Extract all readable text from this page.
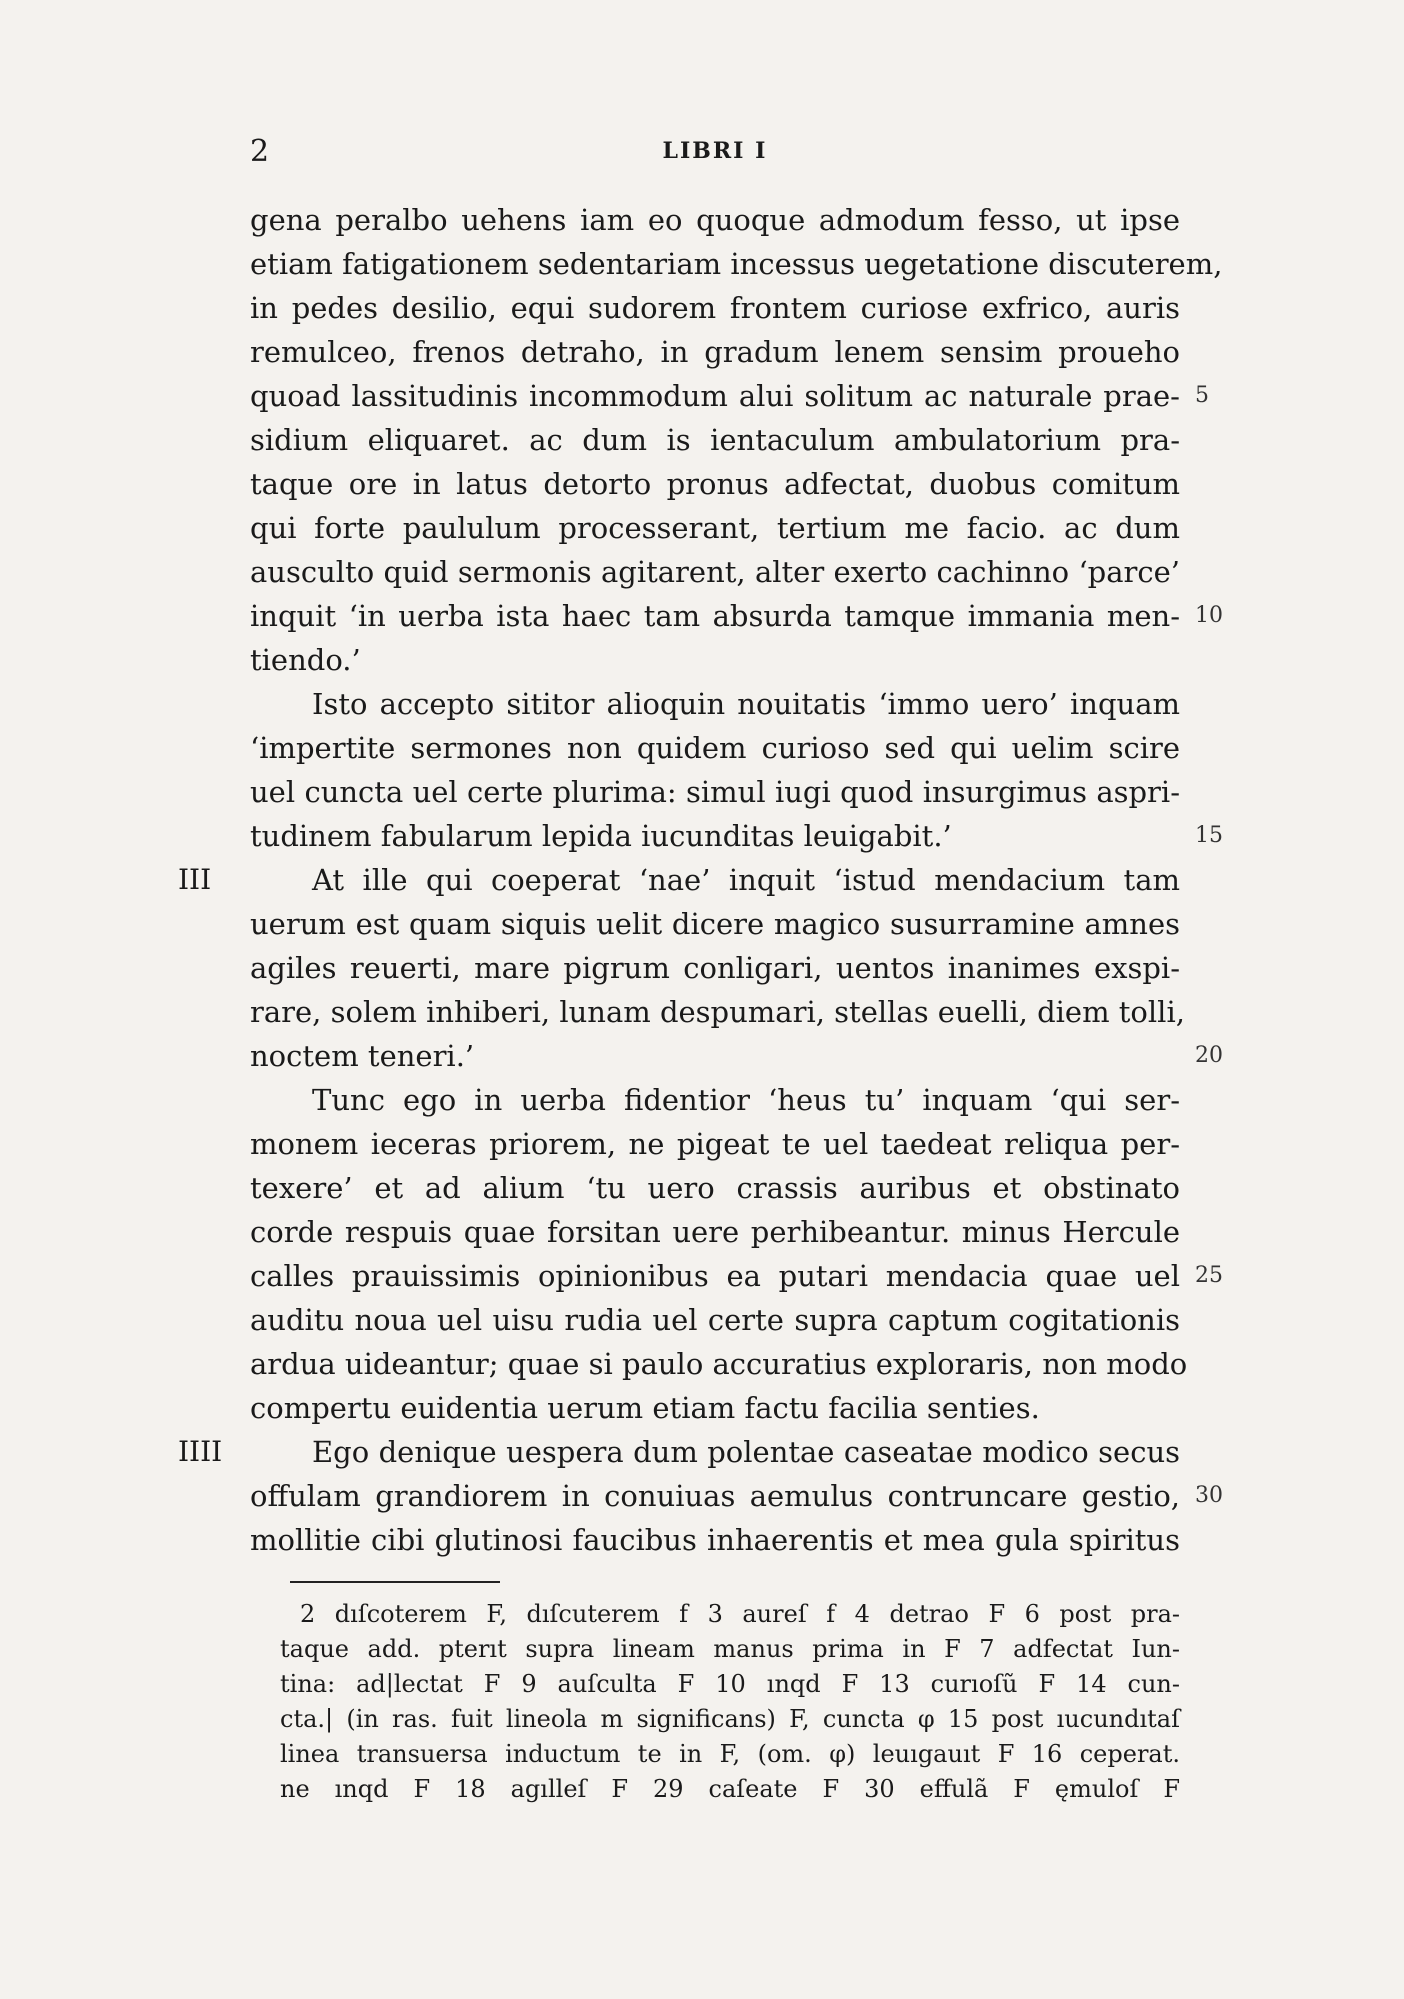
2	LIBRI I
gena peralbo uehens iam eo quoque admodum fesso, ut ipse
etiam fatigationem sedentariam incessus uegetatione discuterem,
in pedes desilio, equi sudorem frontem curiose exfrico, auris
remulceo, frenos detraho, in gradum lenem sensim proueho
quoad lassitudinis incommodum alui solitum ac naturale prae- 5
sidium eliquaret. ac dum is ientaculum ambulatorium pra-
taque ore in latus detorto pronus adfectat, duobus comitum
qui forte paululum processerant, tertium me facio. ac dum
ausculto quid sermonis agitarent, alter exerto cachinno ‘parce’
inquit ‘in uerba ista haec tam absurda tamque immania men- 10
tiendo.’
Isto accepto sititor alioquin nouitatis ‘immo uero’ inquam
‘impertite sermones non quidem curioso sed qui uelim scire
uel cuncta uel certe plurima: simul iugi quod insurgimus aspri-
tudinem fabularum lepida iucunditas leuigabit.’	15
At ille qui coeperat ‘nae’ inquit ‘istud mendacium tam
III
uerum est quam siquis uelit dicere magico susurramine amnes
agiles reuerti, mare pigrum conligari, uentos inanimes exspi-
rare, solem inhiberi, lunam despumari, stellas euelli, diem tolli,
noctem teneri.’	20
Tunc ego in uerba fidentior ‘heus tu’ inquam ‘qui ser-
monem ieceras priorem, ne pigeat te uel taedeat reliqua per-
texere’ et ad alium ‘tu uero crassis auribus et obstinato
corde respuis quae forsitan uere perhibeantur. minus Hercule
calles prauissimis opinionibus ea putari mendacia quae uel 25
auditu noua uel uisu rudia uel certe supra captum cogitationis
ardua uideantur; quae si paulo accuratius exploraris, non modo
compertu euidentia uerum etiam factu facilia senties.
Ego denique uespera dum polentae caseatae modico secus
IIII
offulam grandiorem in conuiuas aemulus contruncare gestio, 30
mollitie cibi glutinosi faucibus inhaerentis et mea gula spiritus
2 dıſcoterem F, dıſcuterem f 3 aureſ f 4 detrao F 6 post pra-
taque add. pterıt supra lineam manus prima in F 7 adfectat Iun-
tina: ad|lectat F 9 auſculta F 10 ınqd F 13 curıoſũ F 14 cun-
cta.| (in ras. fuit lineola m significans) F, cuncta φ 15 post ıucundıtaſ
linea transuersa inductum te in F, (om. φ) leuıgauıt F 16 ceperat.
ne ınqd F 18 agılleſ F 29 caſeate F 30 effulã F ęmuloſ F
